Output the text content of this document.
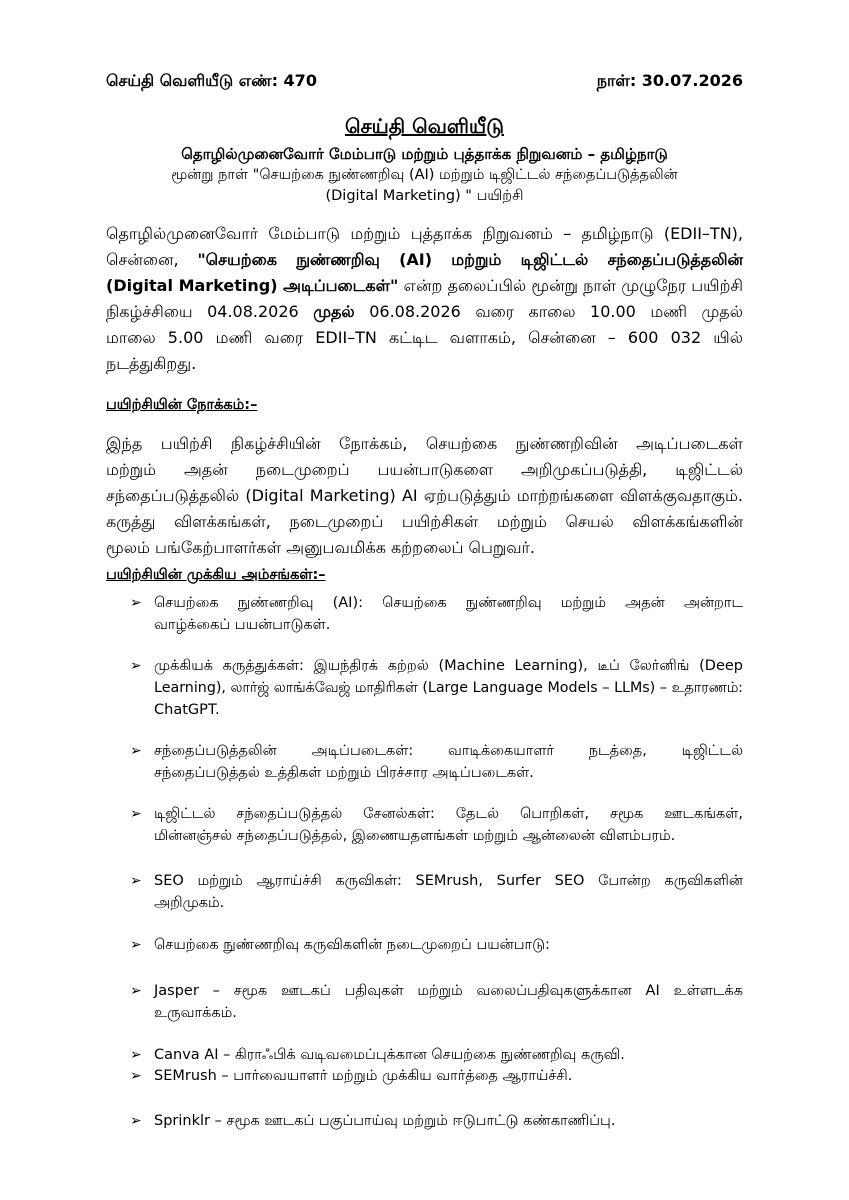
செய்தி வெளியீடு எண்: 470	நாள்: 30.07.2026
செய்தி வெளியீடு
தொழில்முனைவோர் மேம்பாடு மற்றும் புத்தாக்க நிறுவனம் – தமிழ்நாடு
மூன்று நாள் "செயற்கை நுண்ணறிவு (AI) மற்றும் டிஜிட்டல் சந்தைப்படுத்தலின்
(Digital Marketing) " பயிற்சி
தொழில்முனைவோர் மேம்பாடு மற்றும் புத்தாக்க நிறுவனம் – தமிழ்நாடு (EDII–TN),
சென்னை, "செயற்கை நுண்ணறிவு (AI) மற்றும் டிஜிட்டல் சந்தைப்படுத்தலின்
(Digital Marketing) அடிப்படைகள்" என்ற தலைப்பில் மூன்று நாள் முழுநேர பயிற்சி
நிகழ்ச்சியை 04.08.2026 முதல் 06.08.2026 வரை காலை 10.00 மணி முதல்
மாலை 5.00 மணி வரை EDII–TN கட்டிட வளாகம், சென்னை – 600 032 யில்
நடத்துகிறது.
பயிற்சியின் நோக்கம்:–
இந்த பயிற்சி நிகழ்ச்சியின் நோக்கம், செயற்கை நுண்ணறிவின் அடிப்படைகள்
மற்றும் அதன் நடைமுறைப் பயன்பாடுகளை அறிமுகப்படுத்தி, டிஜிட்டல்
சந்தைப்படுத்தலில் (Digital Marketing) AI ஏற்படுத்தும் மாற்றங்களை விளக்குவதாகும்.
கருத்து விளக்கங்கள், நடைமுறைப் பயிற்சிகள் மற்றும் செயல் விளக்கங்களின்
மூலம் பங்கேற்பாளர்கள் அனுபவமிக்க கற்றலைப் பெறுவர்.
பயிற்சியின் முக்கிய அம்சங்கள்:–
➢ செயற்கை நுண்ணறிவு (AI): செயற்கை நுண்ணறிவு மற்றும் அதன் அன்றாட
வாழ்க்கைப் பயன்பாடுகள்.
➢ முக்கியக் கருத்துக்கள்: இயந்திரக் கற்றல் (Machine Learning), டீப் லேர்னிங் (Deep
Learning), லார்ஜ் லாங்க்வேஜ் மாதிரிகள் (Large Language Models – LLMs) – உதாரணம்:
ChatGPT.
➢ சந்தைப்படுத்தலின் அடிப்படைகள்: வாடிக்கையாளர் நடத்தை, டிஜிட்டல்
சந்தைப்படுத்தல் உத்திகள் மற்றும் பிரச்சார அடிப்படைகள்.
➢ டிஜிட்டல் சந்தைப்படுத்தல் சேனல்கள்: தேடல் பொறிகள், சமூக ஊடகங்கள்,
மின்னஞ்சல் சந்தைப்படுத்தல், இணையதளங்கள் மற்றும் ஆன்லைன் விளம்பரம்.
➢ SEO மற்றும் ஆராய்ச்சி கருவிகள்: SEMrush, Surfer SEO போன்ற கருவிகளின்
அறிமுகம்.
➢ செயற்கை நுண்ணறிவு கருவிகளின் நடைமுறைப் பயன்பாடு:
➢ Jasper – சமூக ஊடகப் பதிவுகள் மற்றும் வலைப்பதிவுகளுக்கான AI உள்ளடக்க
உருவாக்கம்.
➢ Canva AI – கிராஃபிக் வடிவமைப்புக்கான செயற்கை நுண்ணறிவு கருவி.
➢ SEMrush – பார்வையாளர் மற்றும் முக்கிய வார்த்தை ஆராய்ச்சி.
➢ Sprinklr – சமூக ஊடகப் பகுப்பாய்வு மற்றும் ஈடுபாட்டு கண்காணிப்பு.
